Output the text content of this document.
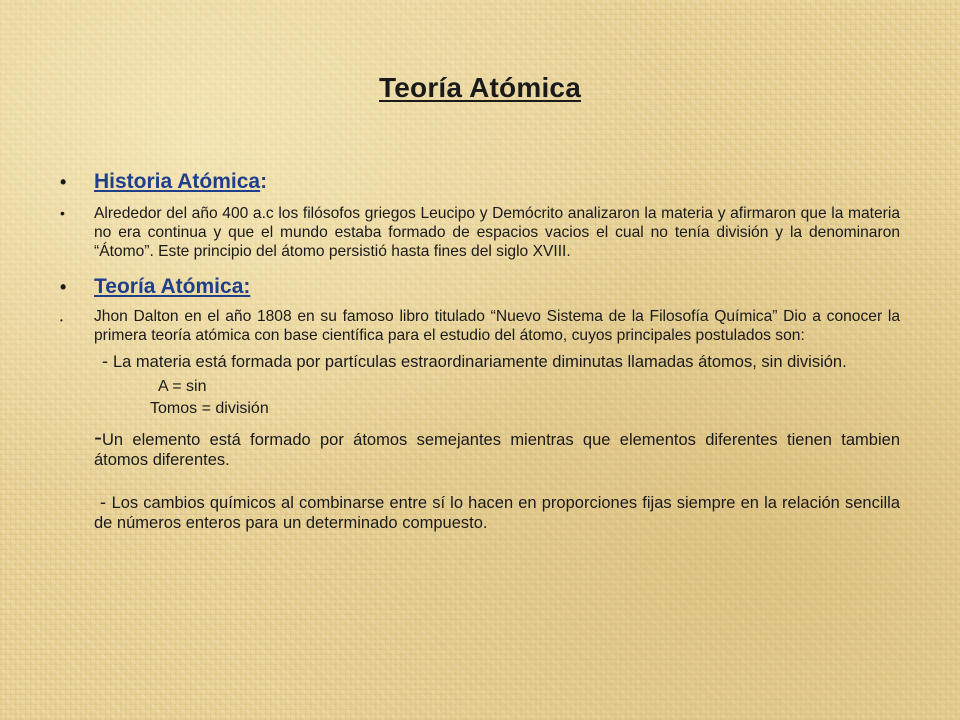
Teoría Atómica
• Historia Atómica:
• Alrededor del año 400 a.c los filósofos griegos Leucipo y Demócrito analizaron la materia y afirmaron que la materia no era continua y que el mundo estaba formado de espacios vacios el cual no tenía división y la denominaron “Átomo”. Este principio del átomo persistió hasta fines del siglo XVIII.
• Teoría Atómica:
• Jhon Dalton en el año 1808 en su famoso libro titulado “Nuevo Sistema de la Filosofía Química” Dio a conocer la primera teoría atómica con base científica para el estudio del átomo, cuyos principales postulados son:
- La materia está formada por partículas estraordinariamente diminutas llamadas átomos, sin división.
A = sin
Tomos = división
-Un elemento está formado por átomos semejantes mientras que elementos diferentes tienen tambien átomos diferentes.
- Los cambios químicos al combinarse entre sí lo hacen en proporciones fijas siempre en la relación sencilla de números enteros para un determinado compuesto.
